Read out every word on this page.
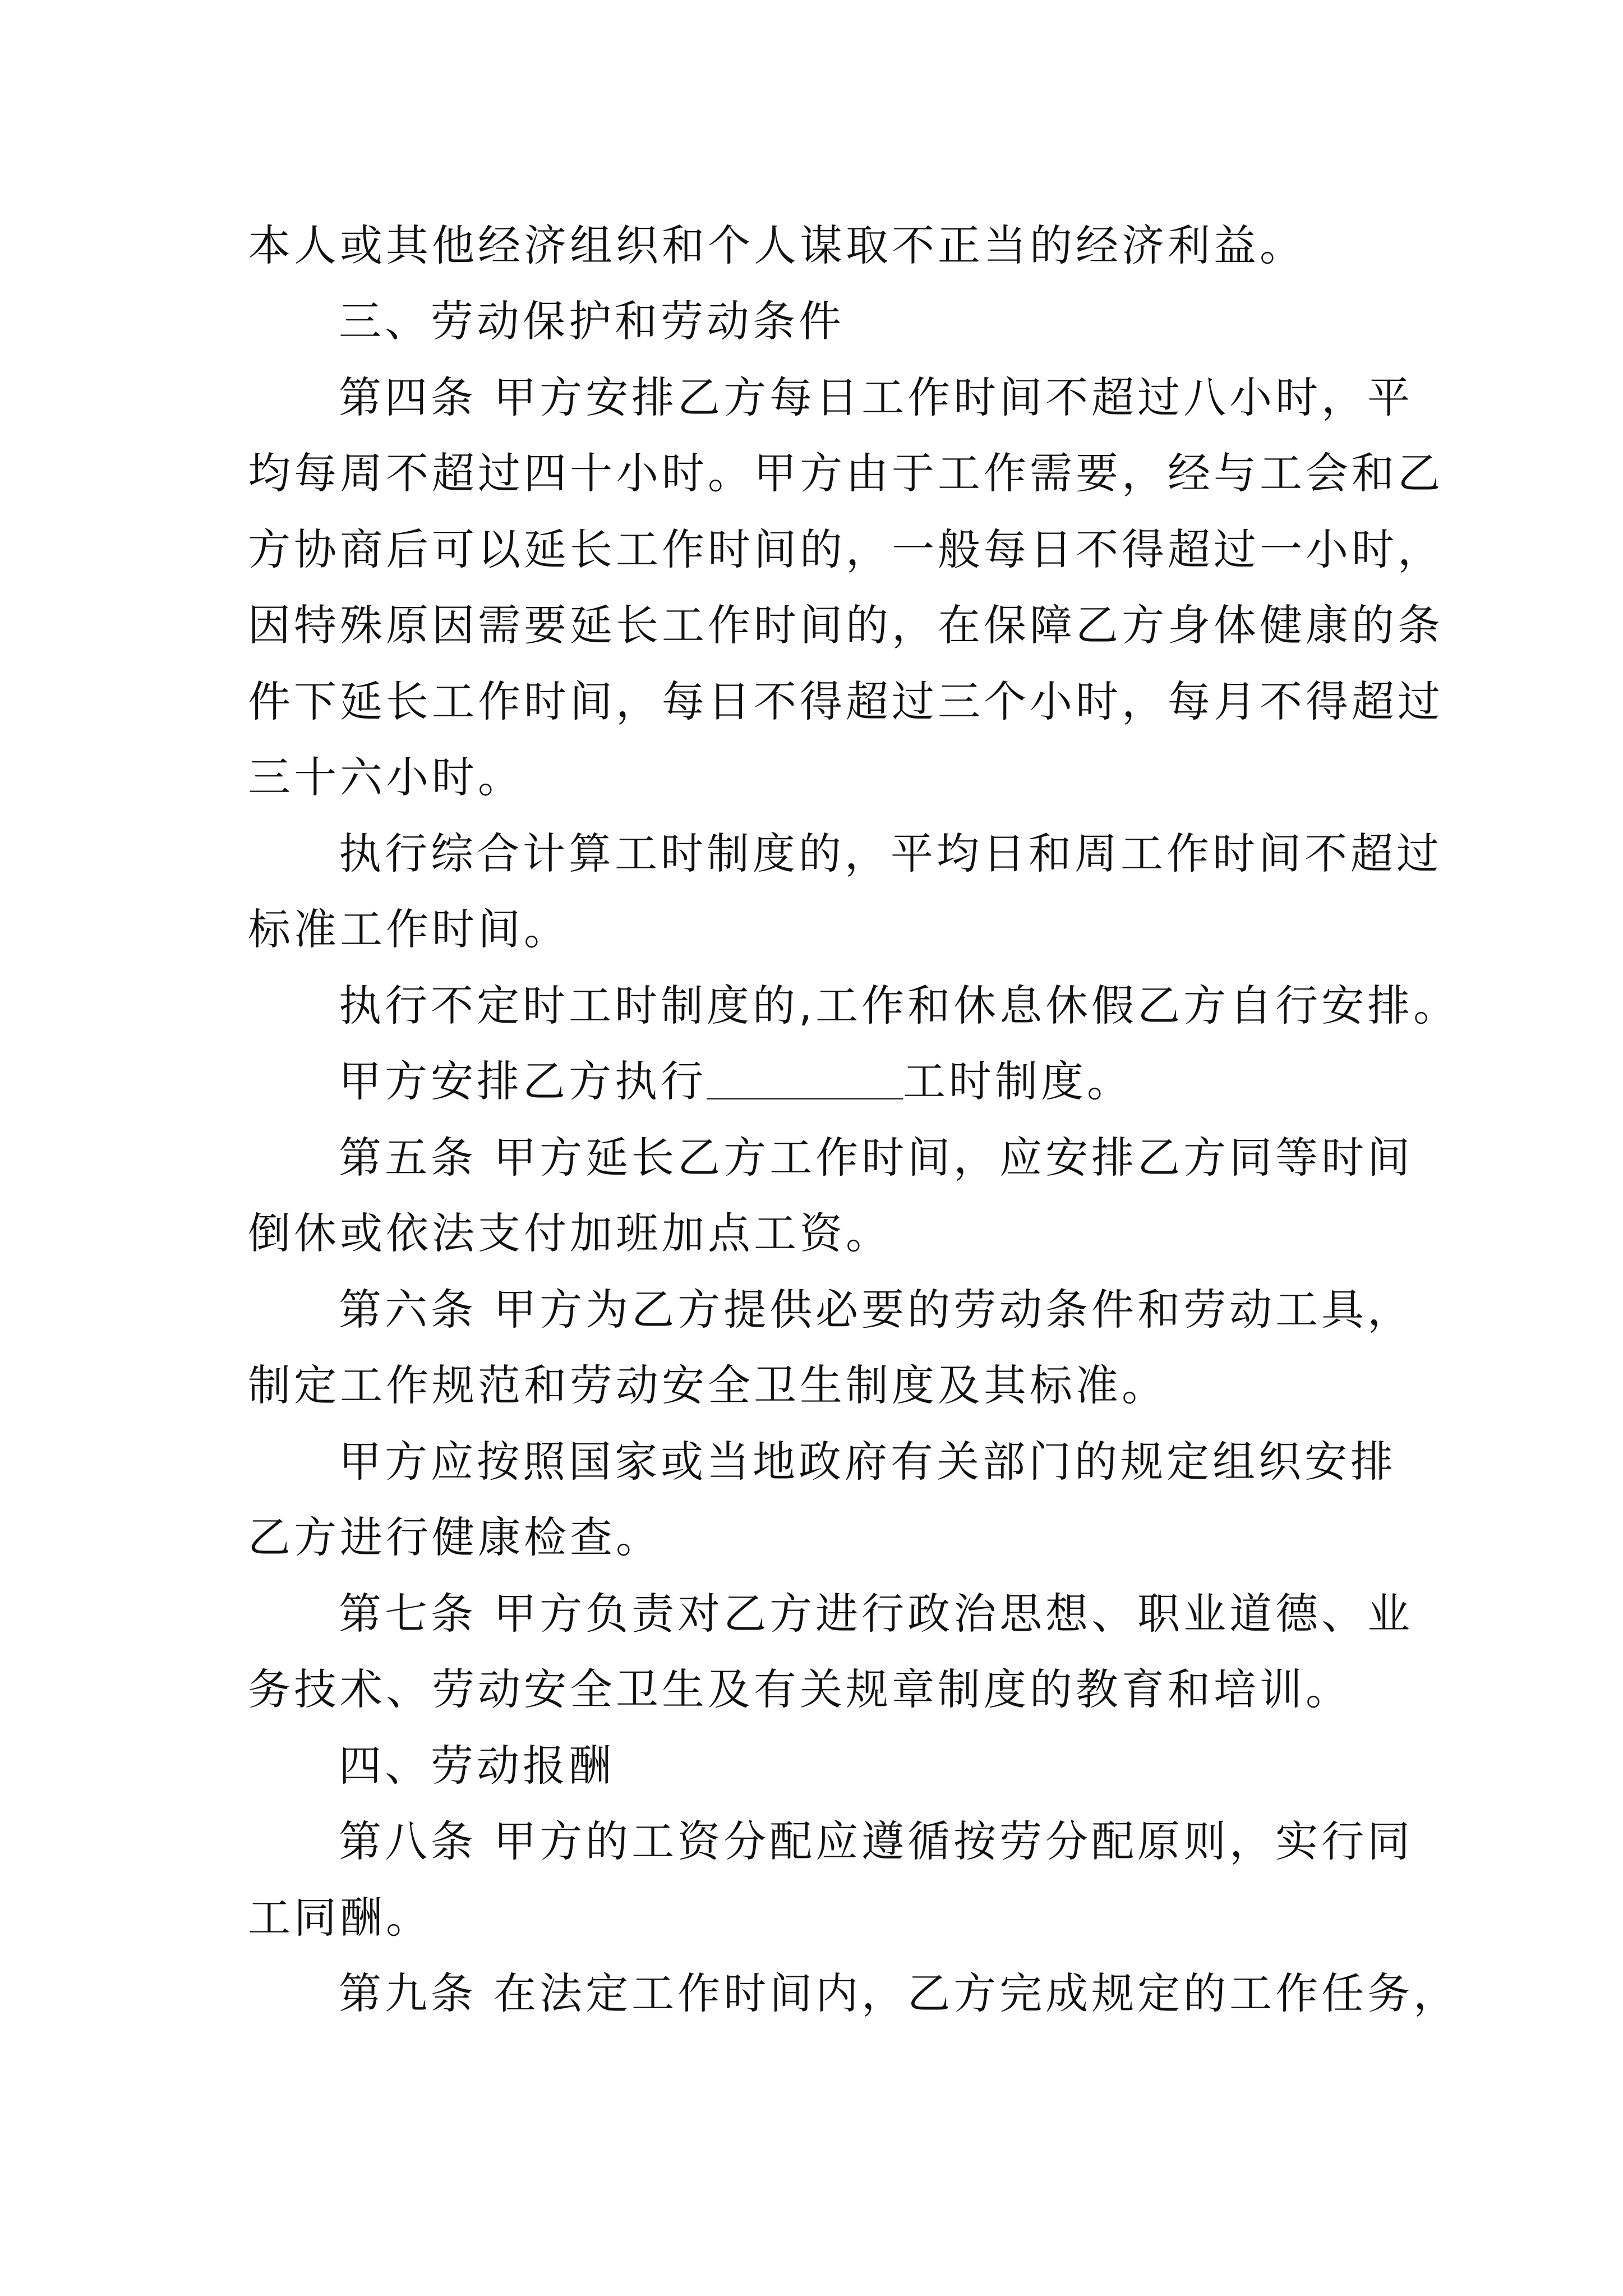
本人或其他经济组织和个人谋取不正当的经济利益。
三、劳动保护和劳动条件
第四条 甲方安排乙方每日工作时间不超过八小时，平
均每周不超过四十小时。甲方由于工作需要，经与工会和乙
方协商后可以延长工作时间的，一般每日不得超过一小时，
因特殊原因需要延长工作时间的，在保障乙方身体健康的条
件下延长工作时间，每日不得超过三个小时，每月不得超过
三十六小时。
执行综合计算工时制度的，平均日和周工作时间不超过
标准工作时间。
执行不定时工时制度的,工作和休息休假乙方自行安排。
甲方安排乙方执行	工时制度。
第五条 甲方延长乙方工作时间，应安排乙方同等时间
倒休或依法支付加班加点工资。
第六条 甲方为乙方提供必要的劳动条件和劳动工具，
制定工作规范和劳动安全卫生制度及其标准。
甲方应按照国家或当地政府有关部门的规定组织安排
乙方进行健康检查。
第七条 甲方负责对乙方进行政治思想、职业道德、业
务技术、劳动安全卫生及有关规章制度的教育和培训。
四、劳动报酬
第八条 甲方的工资分配应遵循按劳分配原则，实行同
工同酬。
第九条 在法定工作时间内，乙方完成规定的工作任务，
